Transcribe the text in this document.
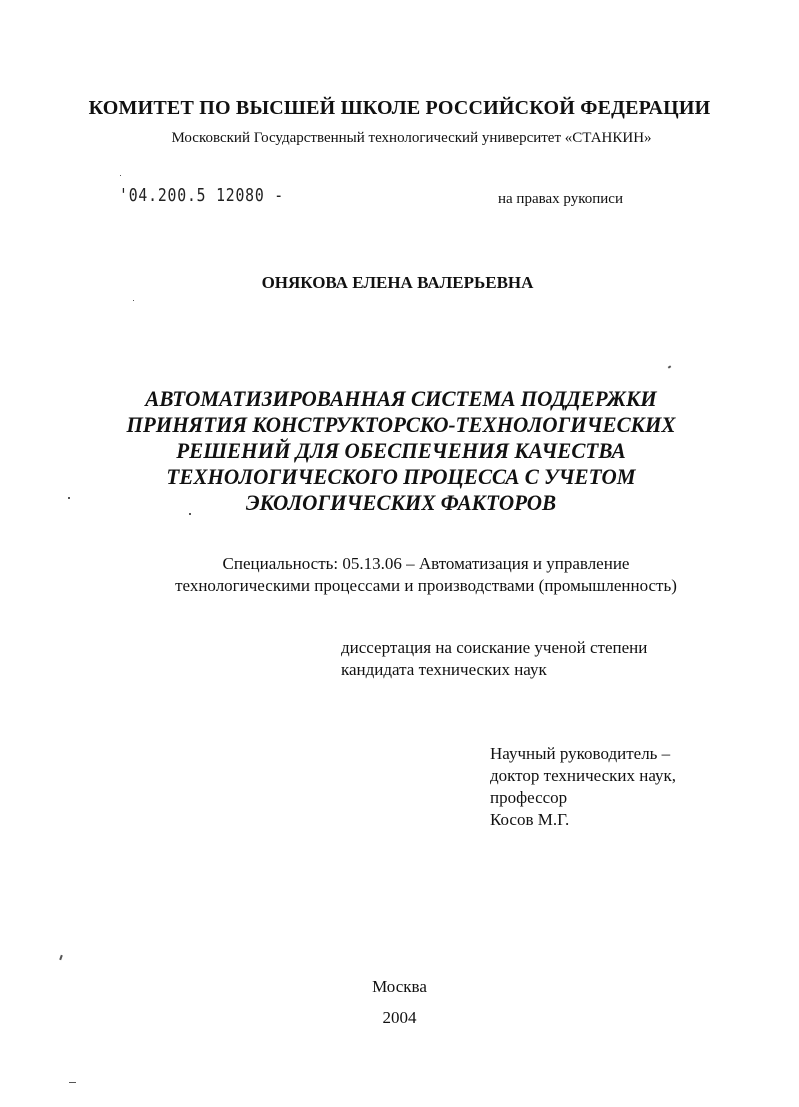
КОМИТЕТ ПО ВЫСШЕЙ ШКОЛЕ РОССИЙСКОЙ ФЕДЕРАЦИИ
Московский Государственный технологический университет «СТАНКИН»
'04.200.5 12080 -	на правах рукописи
ОНЯКОВА ЕЛЕНА ВАЛЕРЬЕВНА
АВТОМАТИЗИРОВАННАЯ СИСТЕМА ПОДДЕРЖКИ
ПРИНЯТИЯ КОНСТРУКТОРСКО-ТЕХНОЛОГИЧЕСКИХ
РЕШЕНИЙ ДЛЯ ОБЕСПЕЧЕНИЯ КАЧЕСТВА
ТЕХНОЛОГИЧЕСКОГО ПРОЦЕССА С УЧЕТОМ
ЭКОЛОГИЧЕСКИХ ФАКТОРОВ
Специальность: 05.13.06 – Автоматизация и управление
технологическими процессами и производствами (промышленность)
диссертация на соискание ученой степени
кандидата технических наук
Научный руководитель –
доктор технических наук,
профессор
Косов М.Г.
Москва
2004
